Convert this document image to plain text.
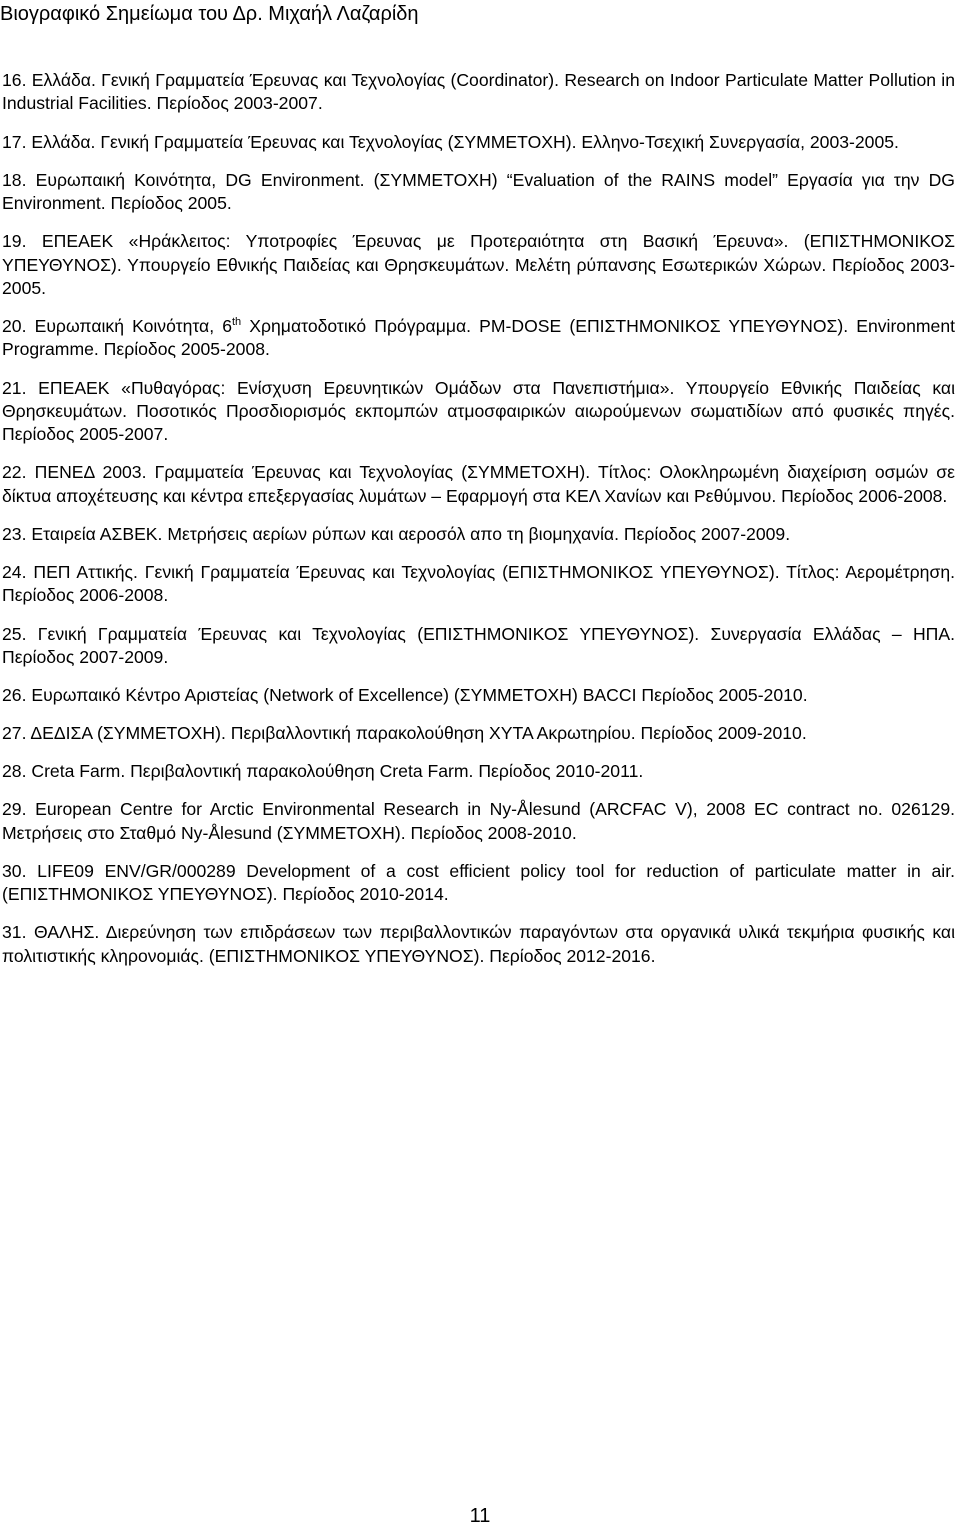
Βιογραφικό Σημείωμα του Δρ. Μιχαήλ Λαζαρίδη
16. Ελλάδα. Γενική Γραμματεία Έρευνας και Τεχνολογίας (Coordinator). Research on Indoor Particulate Matter Pollution in Industrial Facilities. Περίοδος 2003-2007.
17. Ελλάδα. Γενική Γραμματεία Έρευνας και Τεχνολογίας (ΣΥΜΜΕΤΟΧΗ). Ελληνο-Τσεχική Συνεργασία, 2003-2005.
18. Ευρωπαική Κοινότητα, DG Environment. (ΣΥΜΜΕΤΟΧΗ) “Evaluation of the RAINS model” Εργασία για την DG Environment. Περίοδος 2005.
19. ΕΠΕΑΕΚ «Ηράκλειτος: Υποτροφίες Έρευνας με Προτεραιότητα στη Βασική Έρευνα». (ΕΠΙΣΤΗΜΟΝΙΚΟΣ ΥΠΕΥΘΥΝΟΣ). Υπουργείο Εθνικής Παιδείας και Θρησκευμάτων. Μελέτη ρύπανσης Εσωτερικών Χώρων. Περίοδος 2003-2005.
20. Ευρωπαική Κοινότητα, 6th Χρηματοδοτικό Πρόγραμμα. PM-DOSE (ΕΠΙΣΤΗΜΟΝΙΚΟΣ ΥΠΕΥΘΥΝΟΣ). Environment Programme. Περίοδος 2005-2008.
21. ΕΠΕΑΕΚ «Πυθαγόρας: Ενίσχυση Ερευνητικών Ομάδων στα Πανεπιστήμια». Υπουργείο Εθνικής Παιδείας και Θρησκευμάτων. Ποσοτικός Προσδιορισμός εκπομπών ατμοσφαιρικών αιωρούμενων σωματιδίων από φυσικές πηγές. Περίοδος 2005-2007.
22. ΠΕΝΕΔ 2003. Γραμματεία Έρευνας και Τεχνολογίας (ΣΥΜΜΕΤΟΧΗ). Τίτλος: Ολοκληρωμένη διαχείριση οσμών σε δίκτυα αποχέτευσης και κέντρα επεξεργασίας λυμάτων – Εφαρμογή στα ΚΕΛ Χανίων και Ρεθύμνου. Περίοδος 2006-2008.
23. Εταιρεία ΑΣΒΕΚ. Μετρήσεις αερίων ρύπων και αεροσόλ απο τη βιομηχανία. Περίοδος 2007-2009.
24. ΠΕΠ Αττικής. Γενική Γραμματεία Έρευνας και Τεχνολογίας (ΕΠΙΣΤΗΜΟΝΙΚΟΣ ΥΠΕΥΘΥΝΟΣ). Τίτλος: Αερομέτρηση. Περίοδος 2006-2008.
25. Γενική Γραμματεία Έρευνας και Τεχνολογίας (ΕΠΙΣΤΗΜΟΝΙΚΟΣ ΥΠΕΥΘΥΝΟΣ). Συνεργασία Ελλάδας – ΗΠΑ. Περίοδος 2007-2009.
26. Ευρωπαικό Κέντρο Αριστείας (Network of Excellence) (ΣΥΜΜΕΤΟΧΗ) BACCI Περίοδος 2005-2010.
27. ΔΕΔΙΣΑ (ΣΥΜΜΕΤΟΧΗ). Περιβαλλοντική παρακολούθηση ΧΥΤΑ Ακρωτηρίου. Περίοδος 2009-2010.
28. Creta Farm. Περιβαλοντική παρακολούθηση Creta Farm. Περίοδος 2010-2011.
29. European Centre for Arctic Environmental Research in Ny-Ålesund (ARCFAC V), 2008 EC contract no. 026129. Μετρήσεις στο Σταθμό Ny-Ålesund (ΣΥΜΜΕΤΟΧΗ). Περίοδος 2008-2010.
30. LIFE09 ENV/GR/000289 Development of a cost efficient policy tool for reduction of particulate matter in air. (ΕΠΙΣΤΗΜΟΝΙΚΟΣ ΥΠΕΥΘΥΝΟΣ). Περίοδος 2010-2014.
31. ΘΑΛΗΣ. Διερεύνηση των επιδράσεων των περιβαλλοντικών παραγόντων στα οργανικά υλικά τεκμήρια φυσικής και πολιτιστικής κληρονομιάς. (ΕΠΙΣΤΗΜΟΝΙΚΟΣ ΥΠΕΥΘΥΝΟΣ). Περίοδος 2012-2016.
11
